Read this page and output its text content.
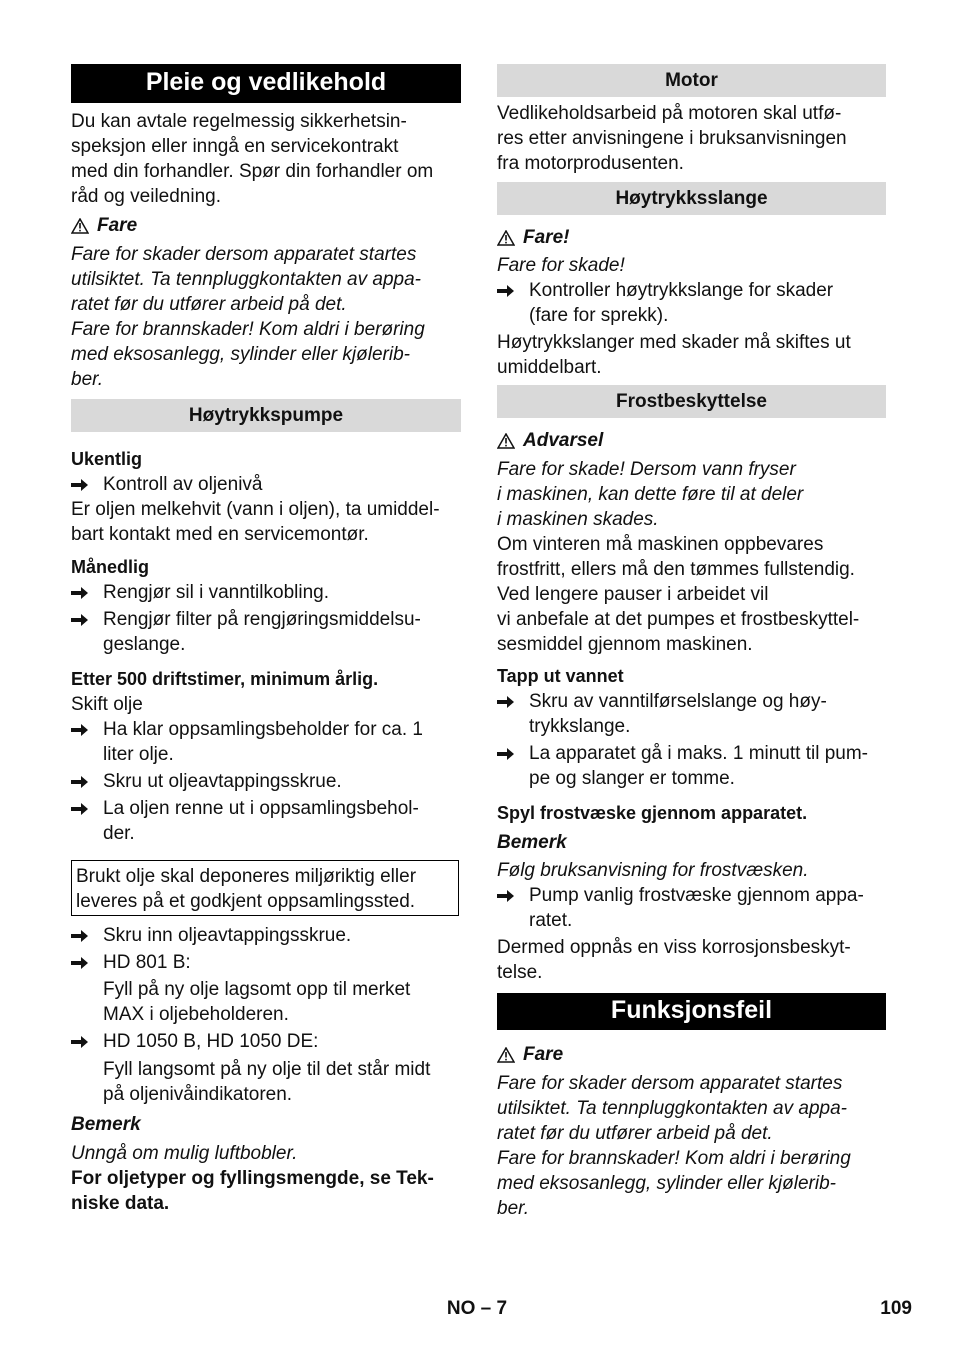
Pleie og vedlikehold

Du kan avtale regelmessig sikkerhetsin-

speksjon eller inngå en servicekontrakt

med din forhandler. Spør din forhandler om

råd og veiledning.

Fare

Fare for skader dersom apparatet startes

utilsiktet. Ta tennpluggkontakten av appa-

ratet før du utfører arbeid på det.

Fare for brannskader! Kom aldri i berøring

med eksosanlegg, sylinder eller kjølerib-

ber.

Høytrykkspumpe
Ukentlig
Kontroll av oljenivå

Er oljen melkehvit (vann i oljen), ta umiddel-

bart kontakt med en servicemontør.

Månedlig
Rengjør sil i vanntilkobling.
Rengjør filter på rengjøringsmiddelsu-
geslange.
Etter 500 driftstimer, minimum årlig.

Skift olje

Ha klar oppsamlingsbeholder for ca. 1
liter olje.
Skru ut oljeavtappingsskrue.
La oljen renne ut i oppsamlingsbehol-
der.
Brukt olje skal deponeres miljøriktig eller
leveres på et godkjent oppsamlingssted.
Skru inn oljeavtappingsskrue.
HD 801 B:
Fyll på ny olje lagsomt opp til merket
MAX i oljebeholderen.
HD 1050 B, HD 1050 DE:
Fyll langsomt på ny olje til det står midt
på oljenivåindikatoren.
Bemerk

Unngå om mulig luftbobler.

For oljetyper og fyllingsmengde, se Tek-

niske data.

Motor

Vedlikeholdsarbeid på motoren skal utfø-

res etter anvisningene i bruksanvisningen

fra motorprodusenten.

Høytrykksslange
Fare!

Fare for skade!

Kontroller høytrykkslange for skader
(fare for sprekk).

Høytrykkslanger med skader må skiftes ut

umiddelbart.

Frostbeskyttelse
Advarsel

Fare for skade! Dersom vann fryser

i maskinen, kan dette føre til at deler

i maskinen skades.

Om vinteren må maskinen oppbevares

frostfritt, ellers må den tømmes fullstendig.

Ved lengere pauser i arbeidet vil

vi anbefale at det pumpes et frostbeskyttel-

sesmiddel gjennom maskinen.

Tapp ut vannet
Skru av vanntilførselslange og høy-
trykkslange.
La apparatet gå i maks. 1 minutt til pum-
pe og slanger er tomme.
Spyl frostvæske gjennom apparatet.
Bemerk

Følg bruksanvisning for frostvæsken.

Pump vanlig frostvæske gjennom appa-
ratet.

Dermed oppnås en viss korrosjonsbeskyt-

telse.

Funksjonsfeil
Fare

Fare for skader dersom apparatet startes

utilsiktet. Ta tennpluggkontakten av appa-

ratet før du utfører arbeid på det.

Fare for brannskader! Kom aldri i berøring

med eksosanlegg, sylinder eller kjølerib-

ber.

NO – 7	109
